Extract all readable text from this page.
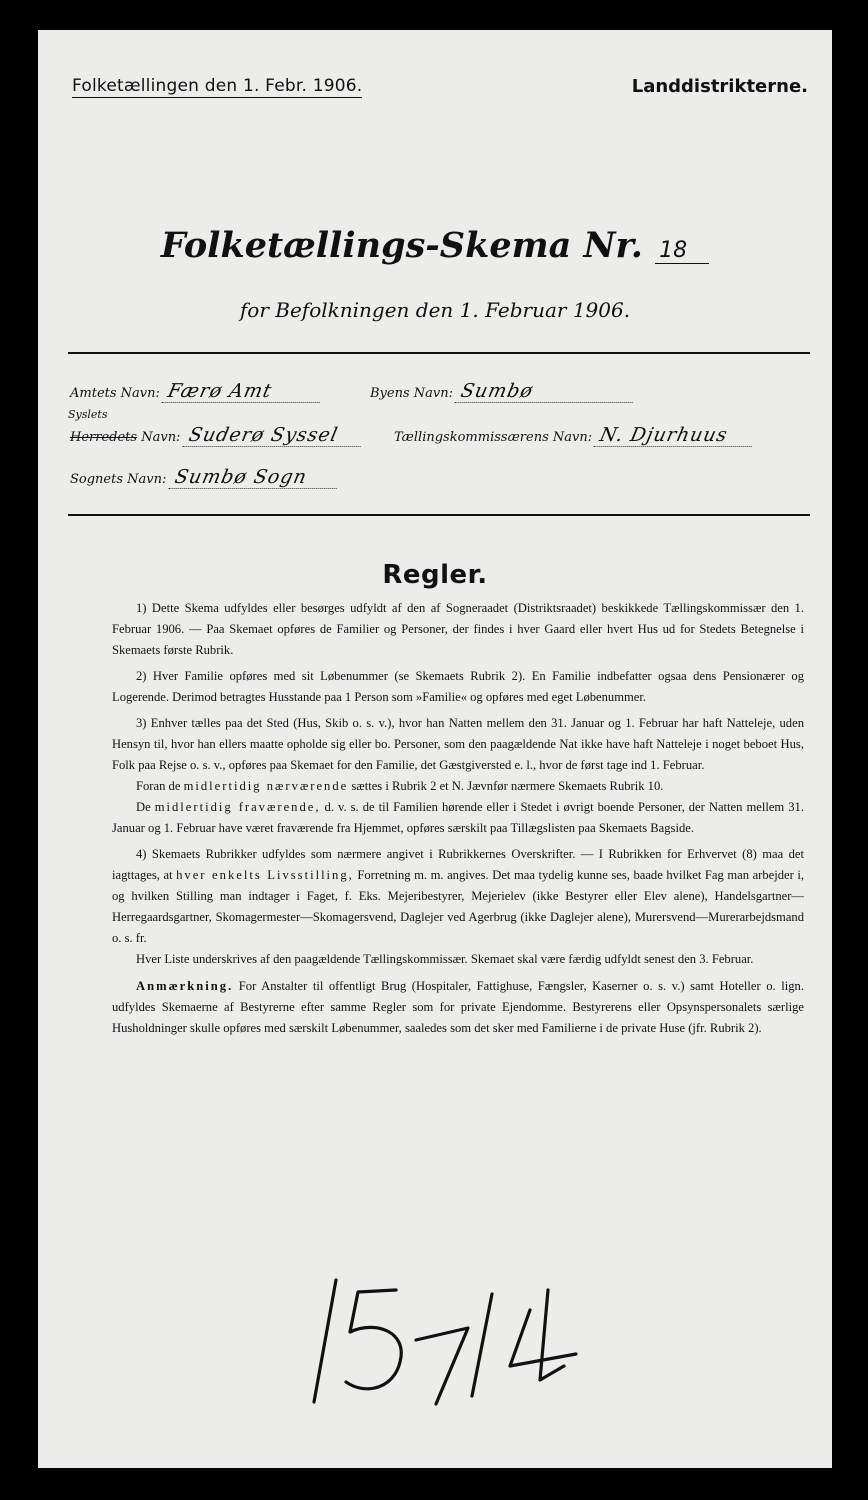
Folketællingen den 1. Febr. 1906.	Landdistrikterne.
Folketællings-Skema Nr. 18
for Befolkningen den 1. Februar 1906.
Amtets Navn: Færø Amt	Byens Navn: Sumbø
Syslets
Herredets Navn: Suderø Syssel	Tællingskommissærens Navn: N. Djurhuus
Sognets Navn: Sumbø Sogn
Regler.

1) Dette Skema udfyldes eller besørges udfyldt af den af Sogneraadet (Distriktsraadet) beskikkede Tællingskommissær den 1. Februar 1906. — Paa Skemaet opføres de Familier og Personer, der findes i hver Gaard eller hvert Hus ud for Stedets Betegnelse i Skemaets første Rubrik.

2) Hver Familie opføres med sit Løbenummer (se Skemaets Rubrik 2). En Familie indbefatter ogsaa dens Pensionærer og Logerende. Derimod betragtes Husstande paa 1 Person som »Familie« og opføres med eget Løbenummer.

3) Enhver tælles paa det Sted (Hus, Skib o. s. v.), hvor han Natten mellem den 31. Januar og 1. Februar har haft Natteleje, uden Hensyn til, hvor han ellers maatte opholde sig eller bo. Personer, som den paagældende Nat ikke have haft Natteleje i noget beboet Hus, Folk paa Rejse o. s. v., opføres paa Skemaet for den Familie, det Gæstgiversted e. l., hvor de først tage ind 1. Februar.

Foran de midlertidig nærværende sættes i Rubrik 2 et N. Jævnfør nærmere Skemaets Rubrik 10.

De midlertidig fraværende, d. v. s. de til Familien hørende eller i Stedet i øvrigt boende Personer, der Natten mellem 31. Januar og 1. Februar have været fraværende fra Hjemmet, opføres særskilt paa Tillægslisten paa Skemaets Bagside.

4) Skemaets Rubrikker udfyldes som nærmere angivet i Rubrikkernes Overskrifter. — I Rubrikken for Erhvervet (8) maa det iagttages, at hver enkelts Livsstilling, Forretning m. m. angives. Det maa tydelig kunne ses, baade hvilket Fag man arbejder i, og hvilken Stilling man indtager i Faget, f. Eks. Mejeribestyrer, Mejerielev (ikke Bestyrer eller Elev alene), Handelsgartner—Herregaardsgartner, Skomagermester—Skomagersvend, Daglejer ved Agerbrug (ikke Daglejer alene), Murersvend—Murerarbejdsmand o. s. fr.

Hver Liste underskrives af den paagældende Tællingskommissær. Skemaet skal være færdig udfyldt senest den 3. Februar.

Anmærkning. For Anstalter til offentligt Brug (Hospitaler, Fattighuse, Fængsler, Kaserner o. s. v.) samt Hoteller o. lign. udfyldes Skemaerne af Bestyrerne efter samme Regler som for private Ejendomme. Bestyrerens eller Opsynspersonalets særlige Husholdninger skulle opføres med særskilt Løbenummer, saaledes som det sker med Familierne i de private Huse (jfr. Rubrik 2).
